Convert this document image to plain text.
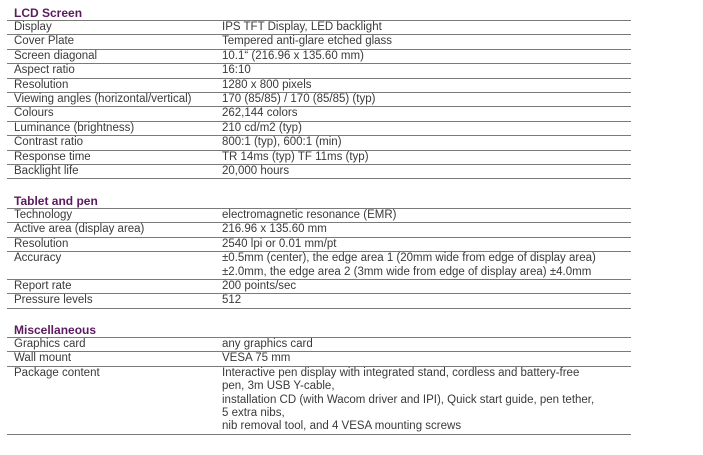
LCD Screen
Display	IPS TFT Display, LED backlight
Cover Plate	Tempered anti-glare etched glass
Screen diagonal	10.1“ (216.96 x 135.60 mm)
Aspect ratio	16:10
Resolution	1280 x 800 pixels
Viewing angles (horizontal/vertical)	170 (85/85) / 170 (85/85) (typ)
Colours	262,144 colors
Luminance (brightness)	210 cd/m2 (typ)
Contrast ratio	800:1 (typ), 600:1 (min)
Response time	TR 14ms (typ) TF 11ms (typ)
Backlight life	20,000 hours
Tablet and pen
Technology	electromagnetic resonance (EMR)
Active area (display area)	216.96 x 135.60 mm
Resolution	2540 lpi or 0.01 mm/pt
Accuracy	±0.5mm (center), the edge area 1 (20mm wide from edge of display area)
±2.0mm, the edge area 2 (3mm wide from edge of display area) ±4.0mm
Report rate	200 points/sec
Pressure levels	512
Miscellaneous
Graphics card	any graphics card
Wall mount	VESA 75 mm
Package content	Interactive pen display with integrated stand, cordless and battery-free
pen, 3m USB Y-cable,
installation CD (with Wacom driver and IPI), Quick start guide, pen tether,
5 extra nibs,
nib removal tool, and 4 VESA mounting screws
